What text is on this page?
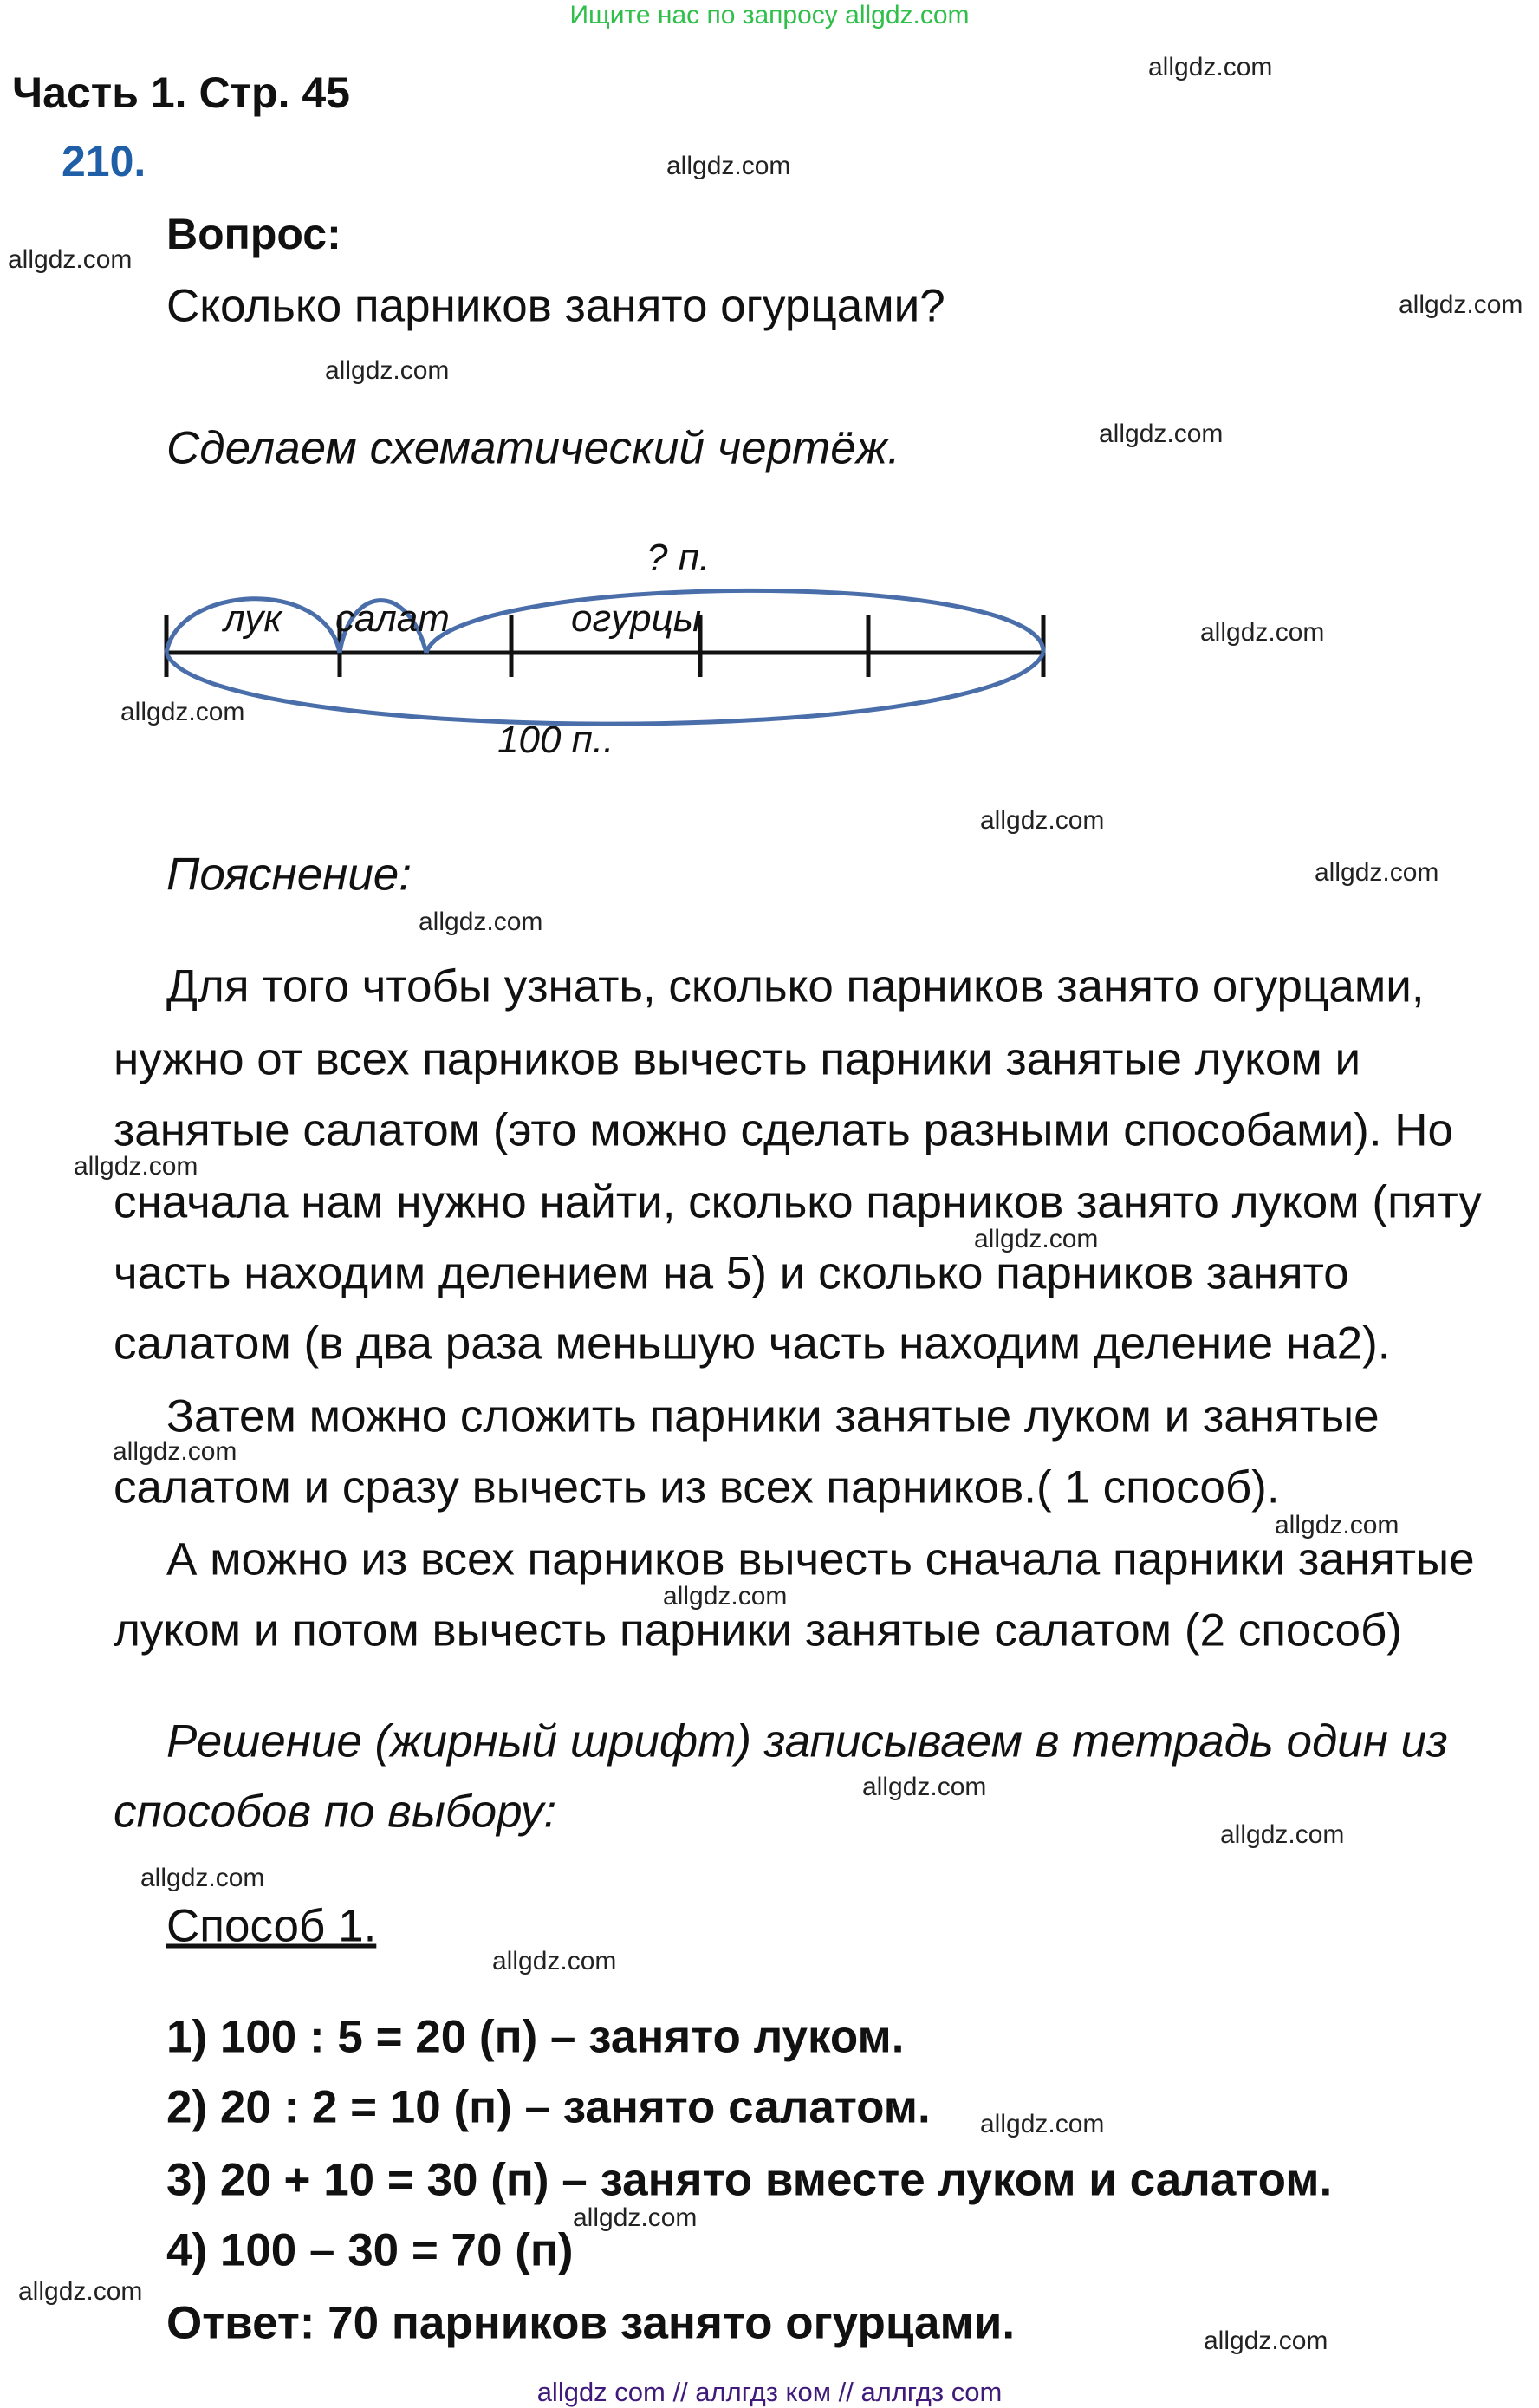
Ищите нас по запросу allgdz.com
Часть 1. Стр. 45
210.
Вопрос:
Сколько парников занято огурцами?
Сделаем схематический чертёж.
лук салат	огурцы
? п.
100 п..
Пояснение:
Для того чтобы узнать, сколько парников занято огурцами,
нужно от всех парников вычесть парники занятые луком и
занятые салатом (это можно сделать разными способами). Но
сначала нам нужно найти, сколько парников занято луком (пяту
часть находим делением на 5) и сколько парников занято
салатом (в два раза меньшую часть находим деление на2).
Затем можно сложить парники занятые луком и занятые
салатом и сразу вычесть из всех парников.( 1 способ).
А можно из всех парников вычесть сначала парники занятые
луком и потом вычесть парники занятые салатом (2 способ)
Решение (жирный шрифт) записываем в тетрадь один из
способов по выбору:
Способ 1.
1) 100 : 5 = 20 (п) – занято луком.
2) 20 : 2 = 10 (п) – занято салатом.
3) 20 + 10 = 30 (п) – занято вместе луком и салатом.
4) 100 – 30 = 70 (п)
Ответ: 70 парников занято огурцами.
allgdz com // аллгдз ком // аллгдз com
allgdz.com
allgdz.com
allgdz.com
allgdz.com
allgdz.com
allgdz.com
allgdz.com
allgdz.com
allgdz.com
allgdz.com
allgdz.com
allgdz.com
allgdz.com
allgdz.com
allgdz.com
allgdz.com
allgdz.com
allgdz.com
allgdz.com
allgdz.com
allgdz.com
allgdz.com
allgdz.com
allgdz.com
